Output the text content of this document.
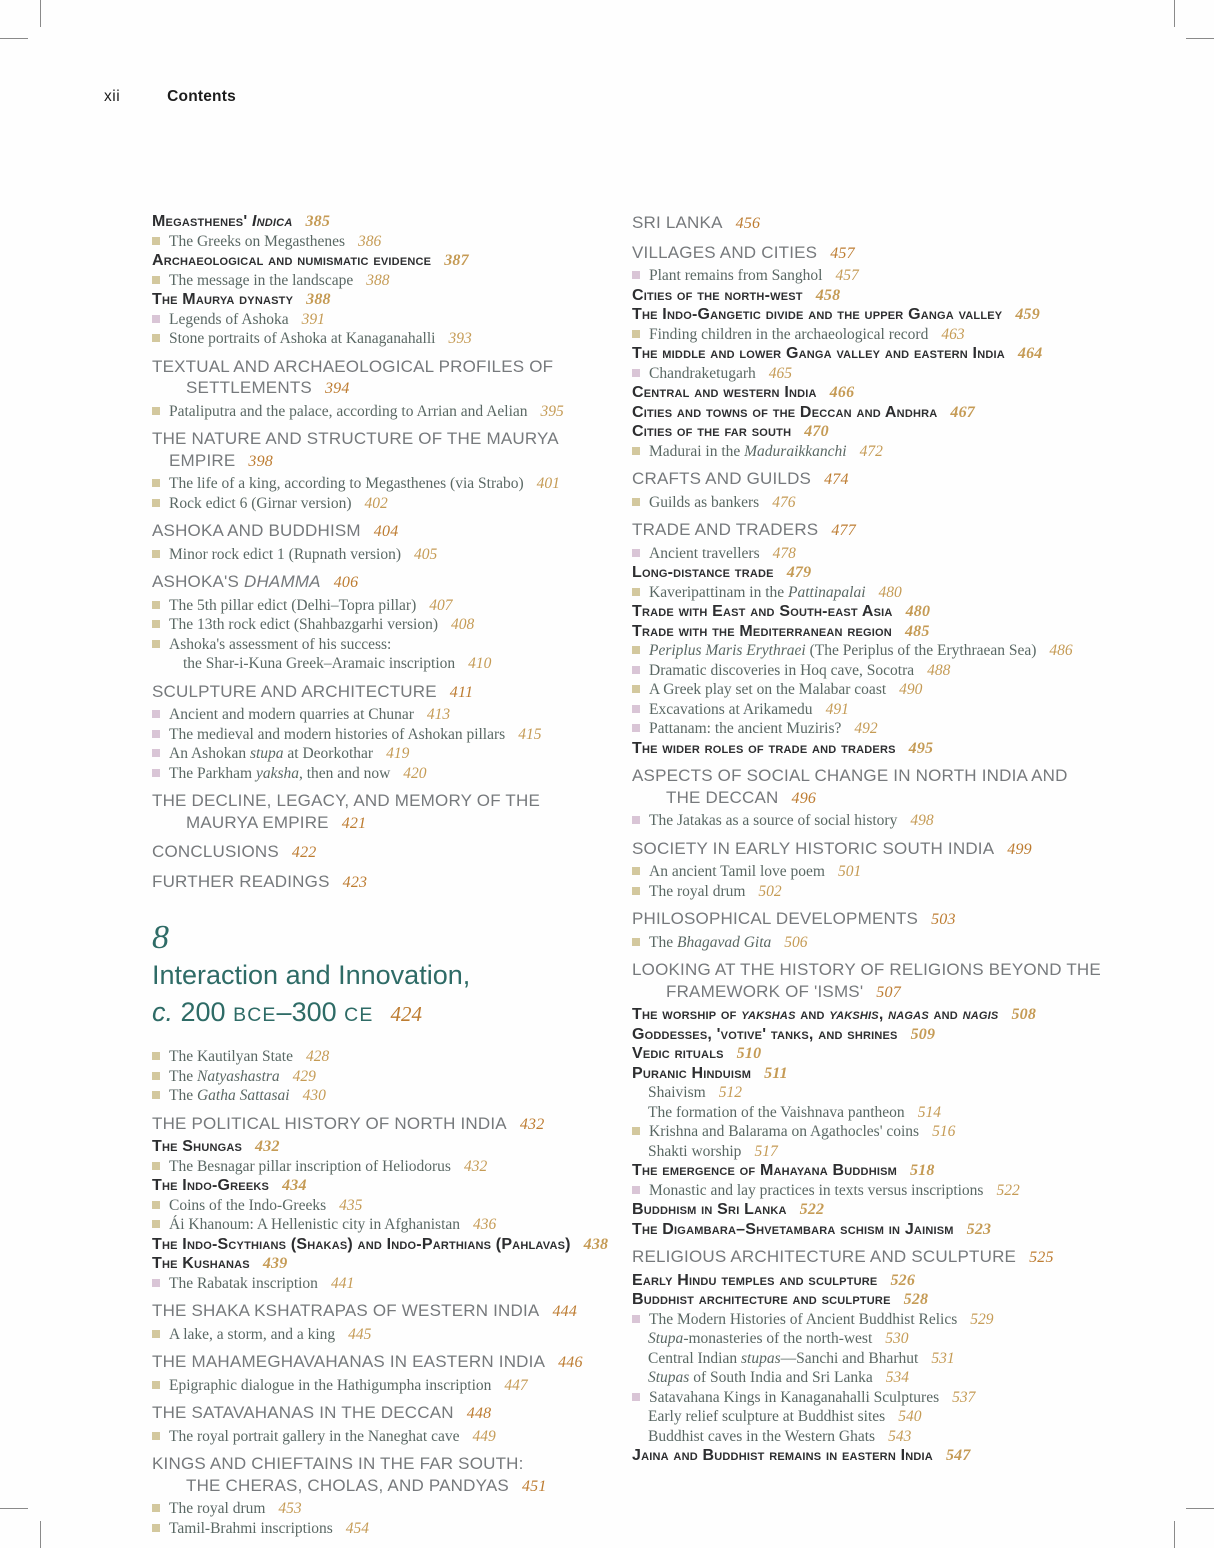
xii	Contents
Megasthenes' Indica 385
The Greeks on Megasthenes 386
Archaeological and numismatic evidence 387
The message in the landscape 388
The Maurya dynasty 388
Legends of Ashoka 391
Stone portraits of Ashoka at Kanaganahalli 393
TEXTUAL AND ARCHAEOLOGICAL PROFILES OF
SETTLEMENTS 394
Pataliputra and the palace, according to Arrian and Aelian 395
THE NATURE AND STRUCTURE OF THE MAURYA EMPIRE 398
The life of a king, according to Megasthenes (via Strabo) 401
Rock edict 6 (Girnar version) 402
ASHOKA AND BUDDHISM 404
Minor rock edict 1 (Rupnath version) 405
ASHOKA'S DHAMMA 406
The 5th pillar edict (Delhi–Topra pillar) 407
The 13th rock edict (Shahbazgarhi version) 408
Ashoka's assessment of his success:
the Shar-i-Kuna Greek–Aramaic inscription 410
SCULPTURE AND ARCHITECTURE 411
Ancient and modern quarries at Chunar 413
The medieval and modern histories of Ashokan pillars 415
An Ashokan stupa at Deorkothar 419
The Parkham yaksha, then and now 420
THE DECLINE, LEGACY, AND MEMORY OF THE
MAURYA EMPIRE 421
CONCLUSIONS 422
FURTHER READINGS 423
8
Interaction and Innovation,
c. 200 BCE–300 CE 424
The Kautilyan State 428
The Natyashastra 429
The Gatha Sattasai 430
THE POLITICAL HISTORY OF NORTH INDIA 432
The Shungas 432
The Besnagar pillar inscription of Heliodorus 432
The Indo-Greeks 434
Coins of the Indo-Greeks 435
Ái Khanoum: A Hellenistic city in Afghanistan 436
The Indo-Scythians (Shakas) and Indo-Parthians (Pahlavas) 438
The Kushanas 439
The Rabatak inscription 441
THE SHAKA KSHATRAPAS OF WESTERN INDIA 444
A lake, a storm, and a king 445
THE MAHAMEGHAVAHANAS IN EASTERN INDIA 446
Epigraphic dialogue in the Hathigumpha inscription 447
THE SATAVAHANAS IN THE DECCAN 448
The royal portrait gallery in the Naneghat cave 449
KINGS AND CHIEFTAINS IN THE FAR SOUTH:
THE CHERAS, CHOLAS, AND PANDYAS 451
The royal drum 453
Tamil-Brahmi inscriptions 454
SRI LANKA 456
VILLAGES AND CITIES 457
Plant remains from Sanghol 457
Cities of the north-west 458
The Indo-Gangetic divide and the upper Ganga valley 459
Finding children in the archaeological record 463
The middle and lower Ganga valley and eastern India 464
Chandraketugarh 465
Central and western India 466
Cities and towns of the Deccan and Andhra 467
Cities of the far south 470
Madurai in the Maduraikkanchi 472
CRAFTS AND GUILDS 474
Guilds as bankers 476
TRADE AND TRADERS 477
Ancient travellers 478
Long-distance trade 479
Kaveripattinam in the Pattinapalai 480
Trade with East and South-east Asia 480
Trade with the Mediterranean region 485
Periplus Maris Erythraei (The Periplus of the Erythraean Sea) 486
Dramatic discoveries in Hoq cave, Socotra 488
A Greek play set on the Malabar coast 490
Excavations at Arikamedu 491
Pattanam: the ancient Muziris? 492
The wider roles of trade and traders 495
ASPECTS OF SOCIAL CHANGE IN NORTH INDIA AND
THE DECCAN 496
The Jatakas as a source of social history 498
SOCIETY IN EARLY HISTORIC SOUTH INDIA 499
An ancient Tamil love poem 501
The royal drum 502
PHILOSOPHICAL DEVELOPMENTS 503
The Bhagavad Gita 506
LOOKING AT THE HISTORY OF RELIGIONS BEYOND THE
FRAMEWORK OF 'ISMS' 507
The worship of yakshas and yakshis, nagas and nagis 508
Goddesses, 'votive' tanks, and shrines 509
Vedic rituals 510
Puranic Hinduism 511
Shaivism 512
The formation of the Vaishnava pantheon 514
Krishna and Balarama on Agathocles' coins 516
Shakti worship 517
The emergence of Mahayana Buddhism 518
Monastic and lay practices in texts versus inscriptions 522
Buddhism in Sri Lanka 522
The Digambara–Shvetambara schism in Jainism 523
RELIGIOUS ARCHITECTURE AND SCULPTURE 525
Early Hindu temples and sculpture 526
Buddhist architecture and sculpture 528
The Modern Histories of Ancient Buddhist Relics 529
Stupa-monasteries of the north-west 530
Central Indian stupas—Sanchi and Bharhut 531
Stupas of South India and Sri Lanka 534
Satavahana Kings in Kanaganahalli Sculptures 537
Early relief sculpture at Buddhist sites 540
Buddhist caves in the Western Ghats 543
Jaina and Buddhist remains in eastern India 547
